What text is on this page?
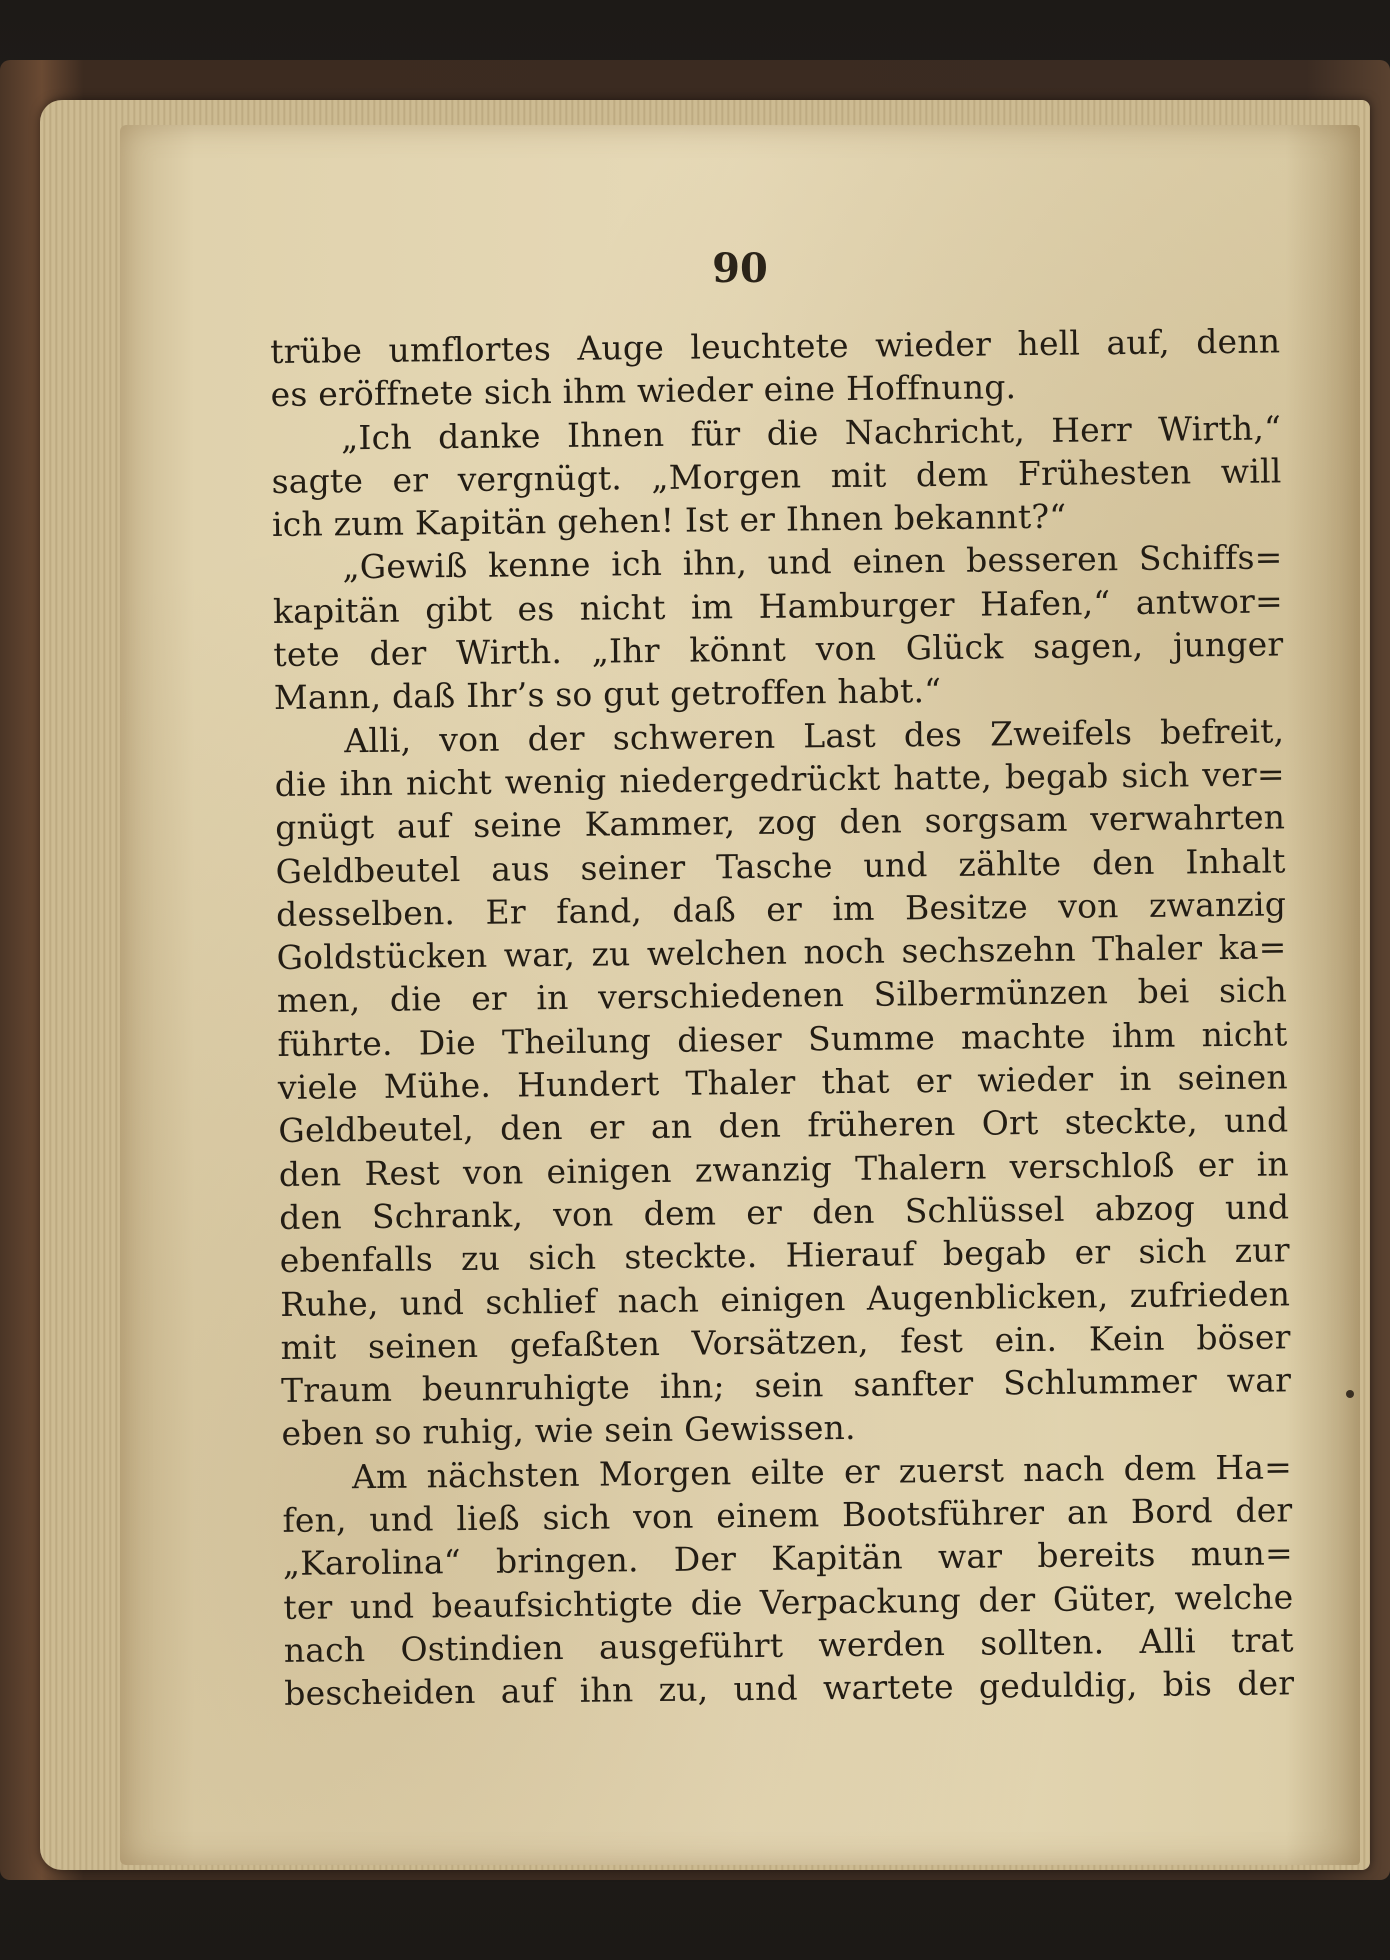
90

trübe umflortes Auge leuchtete wieder hell auf, denn
es eröffnete sich ihm wieder eine Hoffnung.
„Ich danke Ihnen für die Nachricht, Herr Wirth,“
sagte er vergnügt. „Morgen mit dem Frühesten will
ich zum Kapitän gehen! Ist er Ihnen bekannt?“
„Gewiß kenne ich ihn, und einen besseren Schiffs=
kapitän gibt es nicht im Hamburger Hafen,“ antwor=
tete der Wirth. „Ihr könnt von Glück sagen, junger
Mann, daß Ihr’s so gut getroffen habt.“
Alli, von der schweren Last des Zweifels befreit,
die ihn nicht wenig niedergedrückt hatte, begab sich ver=
gnügt auf seine Kammer, zog den sorgsam verwahrten
Geldbeutel aus seiner Tasche und zählte den Inhalt
desselben. Er fand, daß er im Besitze von zwanzig
Goldstücken war, zu welchen noch sechszehn Thaler ka=
men, die er in verschiedenen Silbermünzen bei sich
führte. Die Theilung dieser Summe machte ihm nicht
viele Mühe. Hundert Thaler that er wieder in seinen
Geldbeutel, den er an den früheren Ort steckte, und
den Rest von einigen zwanzig Thalern verschloß er in
den Schrank, von dem er den Schlüssel abzog und
ebenfalls zu sich steckte. Hierauf begab er sich zur
Ruhe, und schlief nach einigen Augenblicken, zufrieden
mit seinen gefaßten Vorsätzen, fest ein. Kein böser
Traum beunruhigte ihn; sein sanfter Schlummer war
eben so ruhig, wie sein Gewissen.
Am nächsten Morgen eilte er zuerst nach dem Ha=
fen, und ließ sich von einem Bootsführer an Bord der
„Karolina“ bringen. Der Kapitän war bereits mun=
ter und beaufsichtigte die Verpackung der Güter, welche
nach Ostindien ausgeführt werden sollten. Alli trat
bescheiden auf ihn zu, und wartete geduldig, bis der
